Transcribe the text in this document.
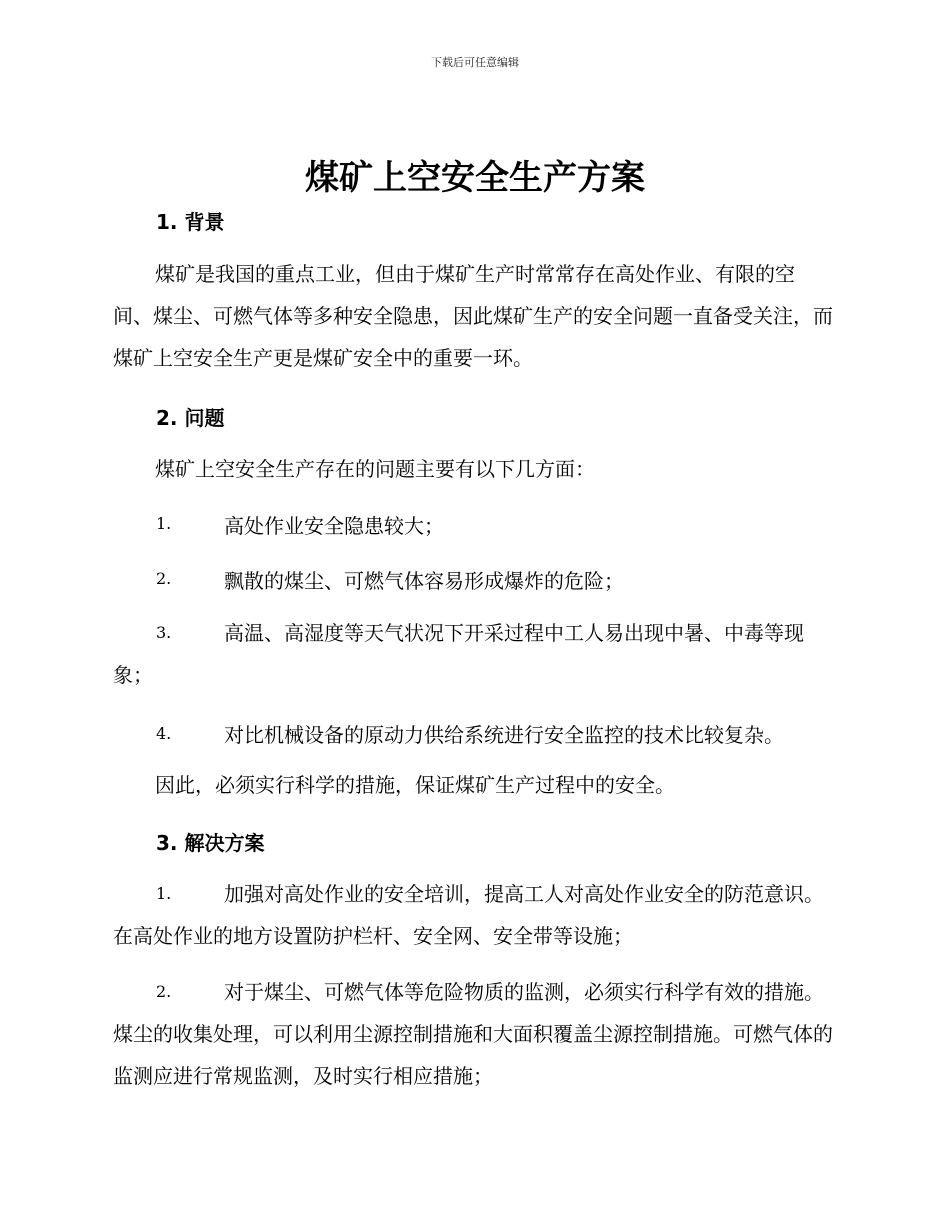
下载后可任意编辑
煤矿上空安全生产方案
1. 背景
煤矿是我国的重点工业，但由于煤矿生产时常常存在高处作业、有限的空间、煤尘、可燃气体等多种安全隐患，因此煤矿生产的安全问题一直备受关注，而煤矿上空安全生产更是煤矿安全中的重要一环。
2. 问题
煤矿上空安全生产存在的问题主要有以下几方面：
1.	高处作业安全隐患较大；
2.	飘散的煤尘、可燃气体容易形成爆炸的危险；
3.	高温、高湿度等天气状况下开采过程中工人易出现中暑、中毒等现象；
4.	对比机械设备的原动力供给系统进行安全监控的技术比较复杂。
因此，必须实行科学的措施，保证煤矿生产过程中的安全。
3. 解决方案
1.	加强对高处作业的安全培训，提高工人对高处作业安全的防范意识。在高处作业的地方设置防护栏杆、安全网、安全带等设施；
2.	对于煤尘、可燃气体等危险物质的监测，必须实行科学有效的措施。煤尘的收集处理，可以利用尘源控制措施和大面积覆盖尘源控制措施。可燃气体的监测应进行常规监测，及时实行相应措施；
